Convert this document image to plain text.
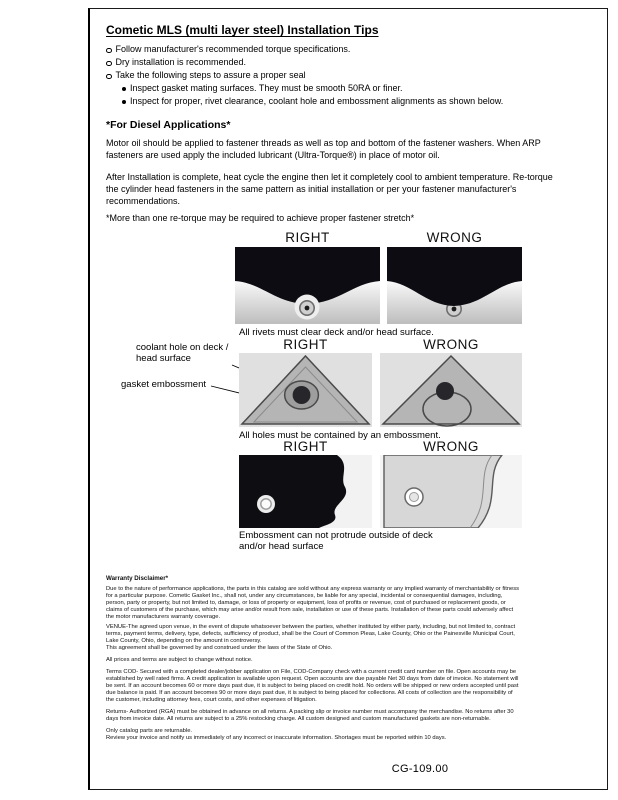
Cometic MLS (multi layer steel) Installation Tips
Follow manufacturer's recommended torque specifications.
Dry installation is recommended.
Take the following steps to assure a proper seal
Inspect gasket mating surfaces. They must be smooth 50RA or finer.
Inspect for proper, rivet clearance, coolant hole and embossment alignments as shown below.
*For Diesel Applications*
Motor oil should be applied to fastener threads as well as top and bottom of the fastener washers. When ARP fasteners are used apply the included lubricant (Ultra-Torque®) in place of motor oil.
After Installation is complete, heat cycle the engine then let it completely cool to ambient temperature. Re-torque the cylinder head fasteners in the same pattern as initial installation or per your fastener manufacturer's recommendations.
*More than one re-torque may be required to achieve proper fastener stretch*
RIGHT	WRONG
All rivets must clear deck and/or head surface.
RIGHT	WRONG
coolant hole on deck / head surface
gasket embossment
All holes must be contained by an embossment.
RIGHT	WRONG
Embossment can not protrude outside of deck and/or head surface

Warranty Disclaimer*

Due to the nature of performance applications, the parts in this catalog are sold without any express warranty or any implied warranty of merchantability or fitness for a particular purpose. Cometic Gasket Inc., shall not, under any circumstances, be liable for any special, incidental or consequential damages, including, person, party or property, but not limited to, damage, or loss of property or equipment, loss of profits or revenue, cost of purchased or replacement goods, or claims of customers of the purchase, which may arise and/or result from sale, installation or use of these parts. Installation of these parts could adversely affect the motor manufacturers warranty coverage.

VENUE-The agreed upon venue, in the event of dispute whatsoever between the parties, whether instituted by either party, including, but not limited to, contract terms, payment terms, delivery, type, defects, sufficiency of product, shall be the Court of Common Pleas, Lake County, Ohio or the Painesville Municipal Court, Lake County, Ohio, depending on the amount in controversy.

This agreement shall be governed by and construed under the laws of the State of Ohio.

All prices and terms are subject to change without notice.

Terms COD- Secured with a completed dealer/jobber application on File, COD-Company check with a current credit card number on file. Open accounts may be established by well rated firms. A credit application is available upon request. Open accounts are due payable Net 30 days from date of invoice. No statement will be sent. If an account becomes 60 or more days past due, it is subject to being placed on credit hold. No orders will be shipped or new orders accepted until past due balance is paid. If an account becomes 90 or more days past due, it is subject to being placed for collections. All costs of collection are the responsibility of the customer, including attorney fees, court costs, and other expenses of litigation.

Returns- Authorized (RGA) must be obtained in advance on all returns. A packing slip or invoice number must accompany the merchandise. No returns after 30 days from invoice date. All returns are subject to a 25% restocking charge. All custom designed and custom manufactured gaskets are non-returnable.

Only catalog parts are returnable.

Review your invoice and notify us immediately of any incorrect or inaccurate information. Shortages must be reported within 10 days.

CG-109.00
